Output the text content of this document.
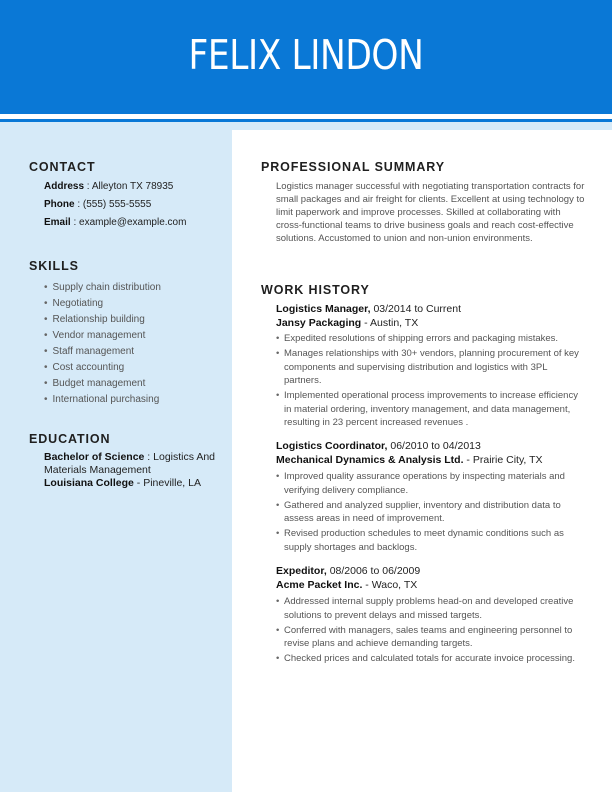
FELIX LINDON
CONTACT
Address : Alleyton TX 78935
Phone : (555) 555-5555
Email : example@example.com
SKILLS
• Supply chain distribution
• Negotiating
• Relationship building
• Vendor management
• Staff management
• Cost accounting
• Budget management
• International purchasing
EDUCATION
Bachelor of Science : Logistics And Materials Management
Louisiana College - Pineville, LA
PROFESSIONAL SUMMARY
Logistics manager successful with negotiating transportation contracts for small packages and air freight for clients. Excellent at using technology to limit paperwork and improve processes. Skilled at collaborating with cross-functional teams to drive business goals and reach cost-effective solutions. Accustomed to union and non-union environments.
WORK HISTORY
Logistics Manager, 03/2014 to Current
Jansy Packaging - Austin, TX
• Expedited resolutions of shipping errors and packaging mistakes.
• Manages relationships with 30+ vendors, planning procurement of key components and supervising distribution and logistics with 3PL partners.
• Implemented operational process improvements to increase efficiency in material ordering, inventory management, and data management, resulting in 23 percent increased revenues .
Logistics Coordinator, 06/2010 to 04/2013
Mechanical Dynamics & Analysis Ltd. - Prairie City, TX
• Improved quality assurance operations by inspecting materials and verifying delivery compliance.
• Gathered and analyzed supplier, inventory and distribution data to assess areas in need of improvement.
• Revised production schedules to meet dynamic conditions such as supply shortages and backlogs.
Expeditor, 08/2006 to 06/2009
Acme Packet Inc. - Waco, TX
• Addressed internal supply problems head-on and developed creative solutions to prevent delays and missed targets.
• Conferred with managers, sales teams and engineering personnel to revise plans and achieve demanding targets.
• Checked prices and calculated totals for accurate invoice processing.
